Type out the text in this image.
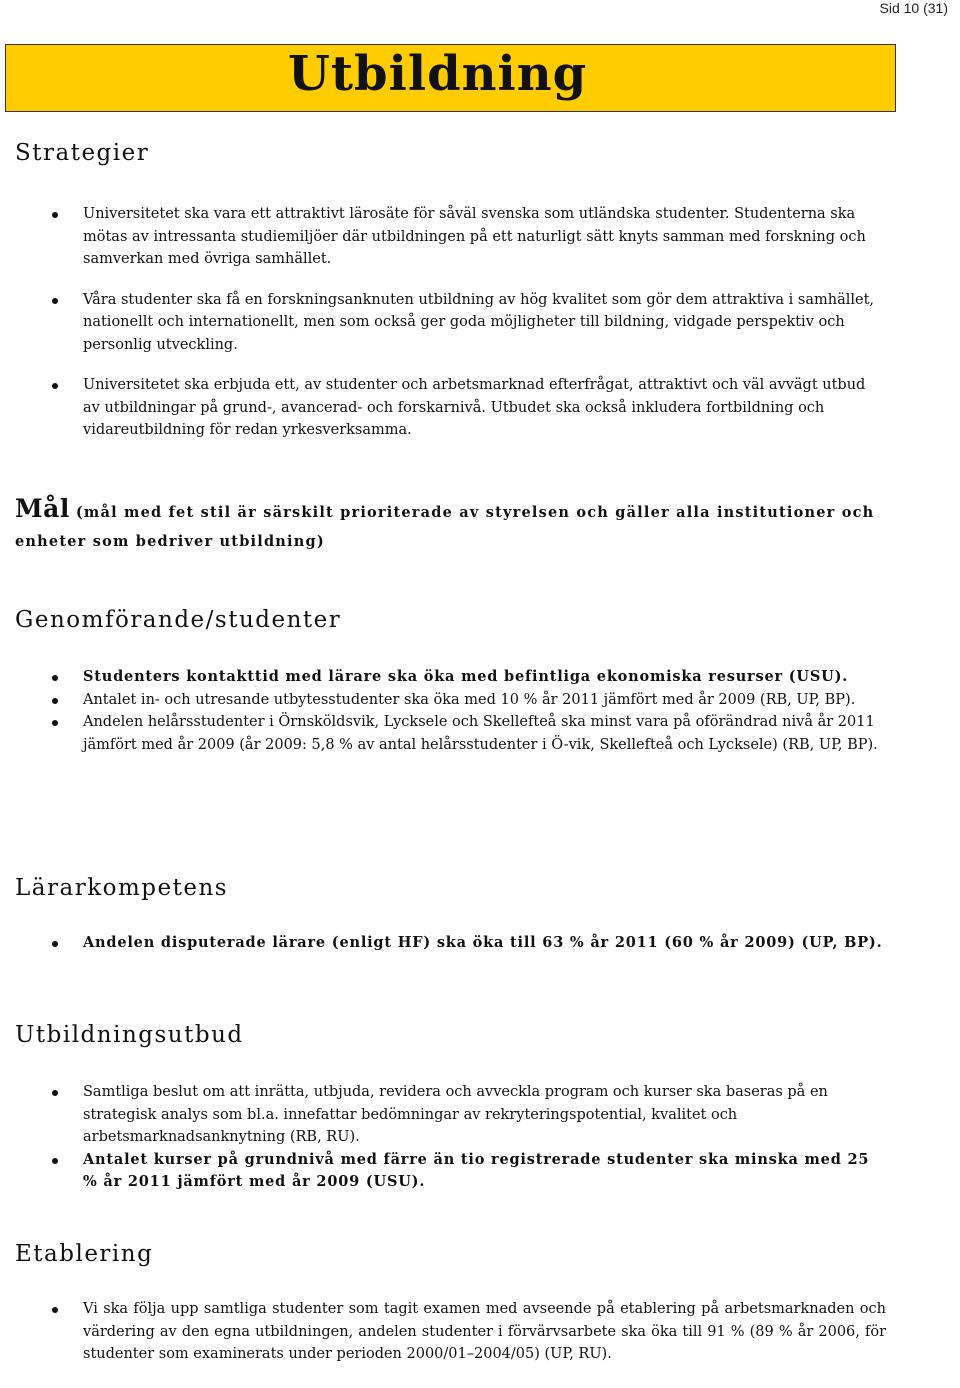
Sid 10 (31)
Utbildning
Strategier
Universitetet ska vara ett attraktivt lärosäte för såväl svenska som utländska studenter. Studenterna ska mötas av intressanta studiemiljöer där utbildningen på ett naturligt sätt knyts samman med forskning och samverkan med övriga samhället.
Våra studenter ska få en forskningsanknuten utbildning av hög kvalitet som gör dem attraktiva i samhället, nationellt och internationellt, men som också ger goda möjligheter till bildning, vidgade perspektiv och personlig utveckling.
Universitetet ska erbjuda ett, av studenter och arbetsmarknad efterfrågat, attraktivt och väl avvägt utbud av utbildningar på grund-, avancerad- och forskarnivå. Utbudet ska också inkludera fortbildning och vidareutbildning för redan yrkesverksamma.
Mål (mål med fet stil är särskilt prioriterade av styrelsen och gäller alla institutioner och enheter som bedriver utbildning)
Genomförande/studenter
Studenters kontakttid med lärare ska öka med befintliga ekonomiska resurser (USU).
Antalet in- och utresande utbytesstudenter ska öka med 10 % år 2011 jämfört med år 2009 (RB, UP, BP).
Andelen helårsstudenter i Örnsköldsvik, Lycksele och Skellefteå ska minst vara på oförändrad nivå år 2011 jämfört med år 2009 (år 2009: 5,8 % av antal helårsstudenter i Ö-vik, Skellefteå och Lycksele) (RB, UP, BP).
Lärarkompetens
Andelen disputerade lärare (enligt HF) ska öka till 63 % år 2011 (60 % år 2009) (UP, BP).
Utbildningsutbud
Samtliga beslut om att inrätta, utbjuda, revidera och avveckla program och kurser ska baseras på en strategisk analys som bl.a. innefattar bedömningar av rekryteringspotential, kvalitet och arbetsmarknadsanknytning (RB, RU).
Antalet kurser på grundnivå med färre än tio registrerade studenter ska minska med 25 % år 2011 jämfört med år 2009 (USU).
Etablering
Vi ska följa upp samtliga studenter som tagit examen med avseende på etablering på arbetsmarknaden och värdering av den egna utbildningen, andelen studenter i förvärvsarbete ska öka till 91 % (89 % år 2006, för studenter som examinerats under perioden 2000/01–2004/05) (UP, RU).
